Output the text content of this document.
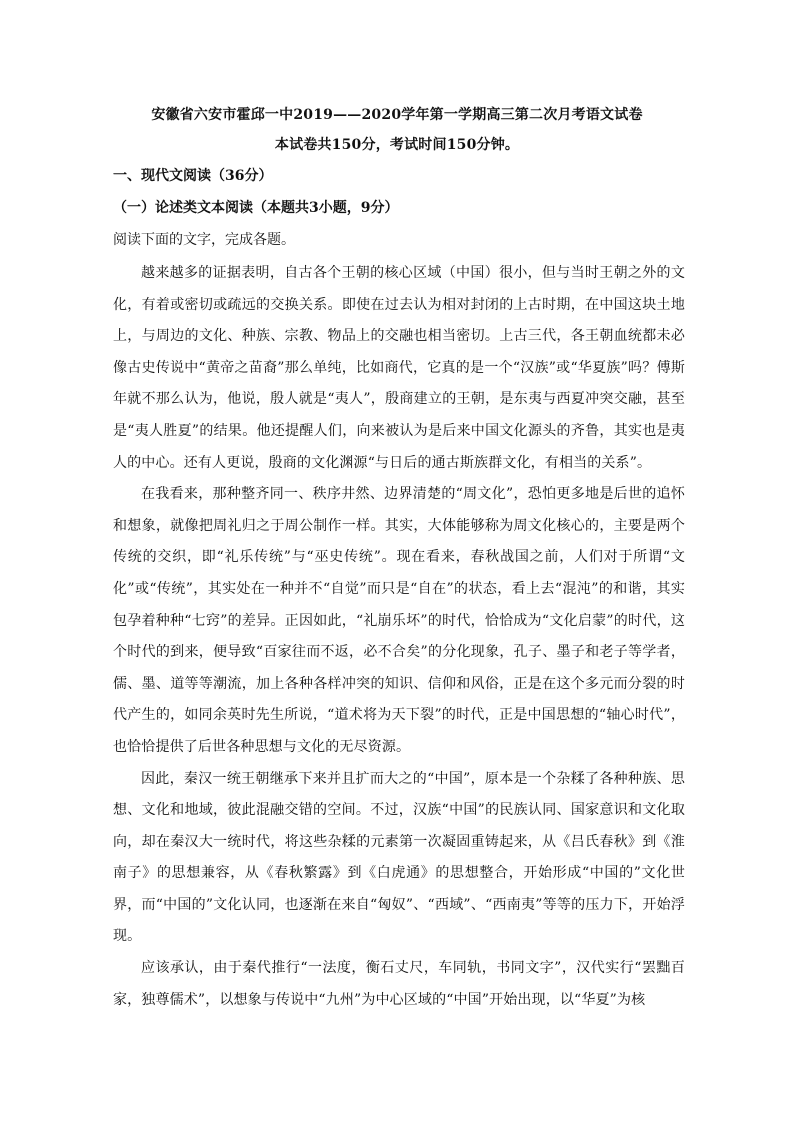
安徽省六安市霍邱一中2019——2020学年第一学期高三第二次月考语文试卷
本试卷共150分，考试时间150分钟。
一、现代文阅读（36分）
（一）论述类文本阅读（本题共3小题，9分）
阅读下面的文字，完成各题。

越来越多的证据表明，自古各个王朝的核心区域（中国）很小，但与当时王朝之外的文化，有着或密切或疏远的交换关系。即使在过去认为相对封闭的上古时期，在中国这块土地上，与周边的文化、种族、宗教、物品上的交融也相当密切。上古三代，各王朝血统都未必像古史传说中“黄帝之苗裔”那么单纯，比如商代，它真的是一个“汉族”或“华夏族”吗？傅斯年就不那么认为，他说，殷人就是“夷人”，殷商建立的王朝，是东夷与西夏冲突交融，甚至是“夷人胜夏”的结果。他还提醒人们，向来被认为是后来中国文化源头的齐鲁，其实也是夷人的中心。还有人更说，殷商的文化渊源“与日后的通古斯族群文化，有相当的关系”。

在我看来，那种整齐同一、秩序井然、边界清楚的“周文化”，恐怕更多地是后世的追怀和想象，就像把周礼归之于周公制作一样。其实，大体能够称为周文化核心的，主要是两个传统的交织，即“礼乐传统”与“巫史传统”。现在看来，春秋战国之前，人们对于所谓“文化”或“传统”，其实处在一种并不“自觉”而只是“自在”的状态，看上去“混沌”的和谐，其实包孕着种种“七窍”的差异。正因如此，“礼崩乐坏”的时代，恰恰成为“文化启蒙”的时代，这个时代的到来，便导致“百家往而不返，必不合矣”的分化现象，孔子、墨子和老子等学者，儒、墨、道等等潮流，加上各种各样冲突的知识、信仰和风俗，正是在这个多元而分裂的时代产生的，如同余英时先生所说，“道术将为天下裂”的时代，正是中国思想的“轴心时代”，也恰恰提供了后世各种思想与文化的无尽资源。

因此，秦汉一统王朝继承下来并且扩而大之的“中国”，原本是一个杂糅了各种种族、思想、文化和地域，彼此混融交错的空间。不过，汉族“中国”的民族认同、国家意识和文化取向，却在秦汉大一统时代，将这些杂糅的元素第一次凝固重铸起来，从《吕氏春秋》到《淮南子》的思想兼容，从《春秋繁露》到《白虎通》的思想整合，开始形成“中国的”文化世界，而“中国的”文化认同，也逐渐在来自“匈奴”、“西域”、“西南夷”等等的压力下，开始浮现。

应该承认，由于秦代推行“一法度，衡石丈尺，车同轨，书同文字”，汉代实行“罢黜百家，独尊儒术”，以想象与传说中“九州”为中心区域的“中国”开始出现，以“华夏”为核
